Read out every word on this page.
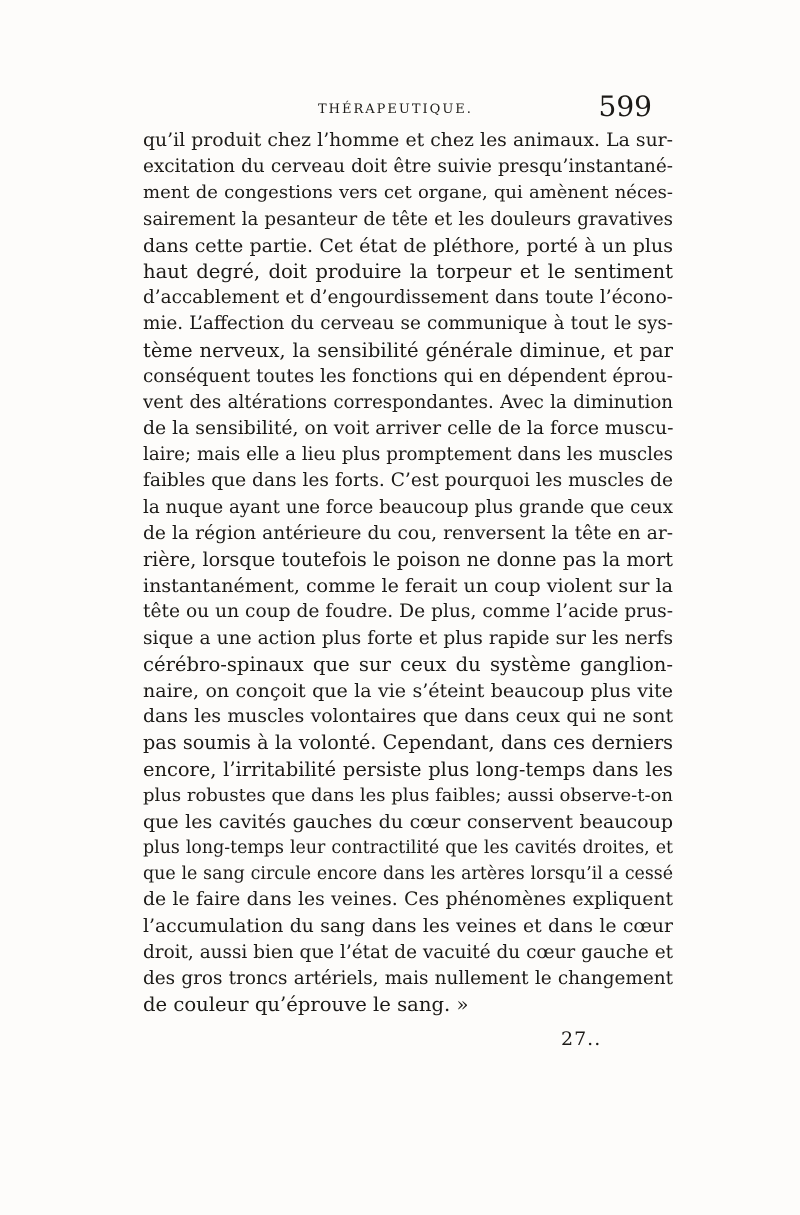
THÉRAPEUTIQUE.	599
qu’il produit chez l’homme et chez les animaux. La sur-
excitation du cerveau doit être suivie presqu’instantané-
ment de congestions vers cet organe, qui amènent néces-
sairement la pesanteur de tête et les douleurs gravatives
dans cette partie. Cet état de pléthore, porté à un plus
haut degré, doit produire la torpeur et le sentiment
d’accablement et d’engourdissement dans toute l’écono-
mie. L’affection du cerveau se communique à tout le sys-
tème nerveux, la sensibilité générale diminue, et par
conséquent toutes les fonctions qui en dépendent éprou-
vent des altérations correspondantes. Avec la diminution
de la sensibilité, on voit arriver celle de la force muscu-
laire; mais elle a lieu plus promptement dans les muscles
faibles que dans les forts. C’est pourquoi les muscles de
la nuque ayant une force beaucoup plus grande que ceux
de la région antérieure du cou, renversent la tête en ar-
rière, lorsque toutefois le poison ne donne pas la mort
instantanément, comme le ferait un coup violent sur la
tête ou un coup de foudre. De plus, comme l’acide prus-
sique a une action plus forte et plus rapide sur les nerfs
cérébro-spinaux que sur ceux du système ganglion-
naire, on conçoit que la vie s’éteint beaucoup plus vite
dans les muscles volontaires que dans ceux qui ne sont
pas soumis à la volonté. Cependant, dans ces derniers
encore, l’irritabilité persiste plus long-temps dans les
plus robustes que dans les plus faibles; aussi observe-t-on
que les cavités gauches du cœur conservent beaucoup
plus long-temps leur contractilité que les cavités droites, et
que le sang circule encore dans les artères lorsqu’il a cessé
de le faire dans les veines. Ces phénomènes expliquent
l’accumulation du sang dans les veines et dans le cœur
droit, aussi bien que l’état de vacuité du cœur gauche et
des gros troncs artériels, mais nullement le changement
de couleur qu’éprouve le sang. »
27..
